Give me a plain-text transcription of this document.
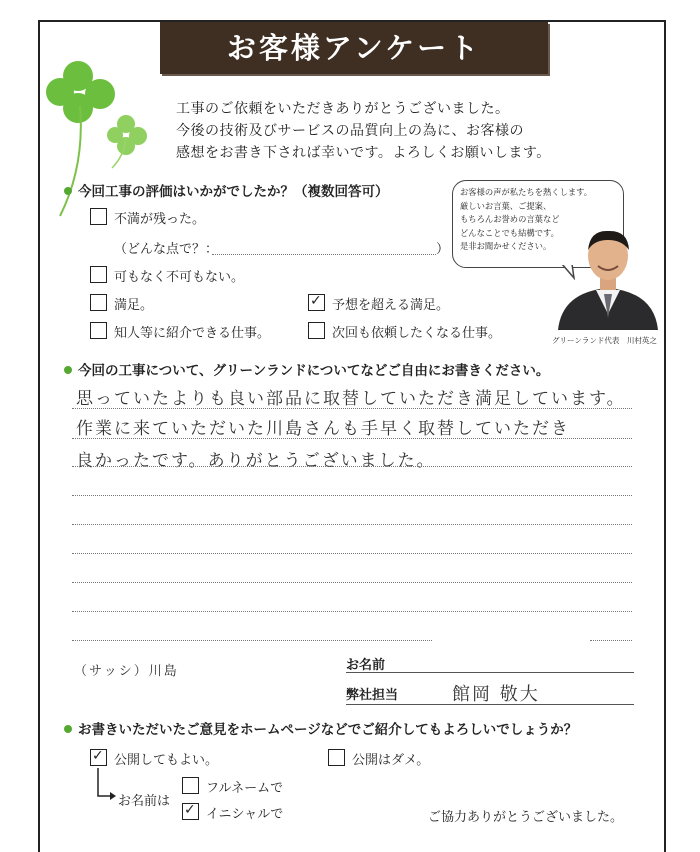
お客様アンケート
工事のご依頼をいただきありがとうございました。
今後の技術及びサービスの品質向上の為に、お客様の
感想をお書き下されば幸いです。よろしくお願いします。
お客様の声が私たちを熱くします。
厳しいお言葉、ご提案、
もちろんお誉めの言葉など
どんなことでも結構です。
是非お聞かせください。
グリーンランド代表　川村英之
今回工事の評価はいかがでしたか？（複数回答可）
不満が残った。
（どんな点で？：	）
可もなく不可もない。
満足。	✓ 予想を超える満足。
知人等に紹介できる仕事。	次回も依頼したくなる仕事。
今回の工事について、グリーンランドについてなどご自由にお書きください。
思っていたよりも良い部品に取替していただき満足しています。
作業に来ていただいた川島さんも手早く取替していただき
良かったです。ありがとうございました。
（サッシ）川島	お名前
弊社担当	館岡 敬大
お書きいただいたご意見をホームページなどでご紹介してもよろしいでしょうか？
✓ 公開してもよい。	公開はダメ。
お名前は
フルネームで
✓ イニシャルで	ご協力ありがとうございました。
